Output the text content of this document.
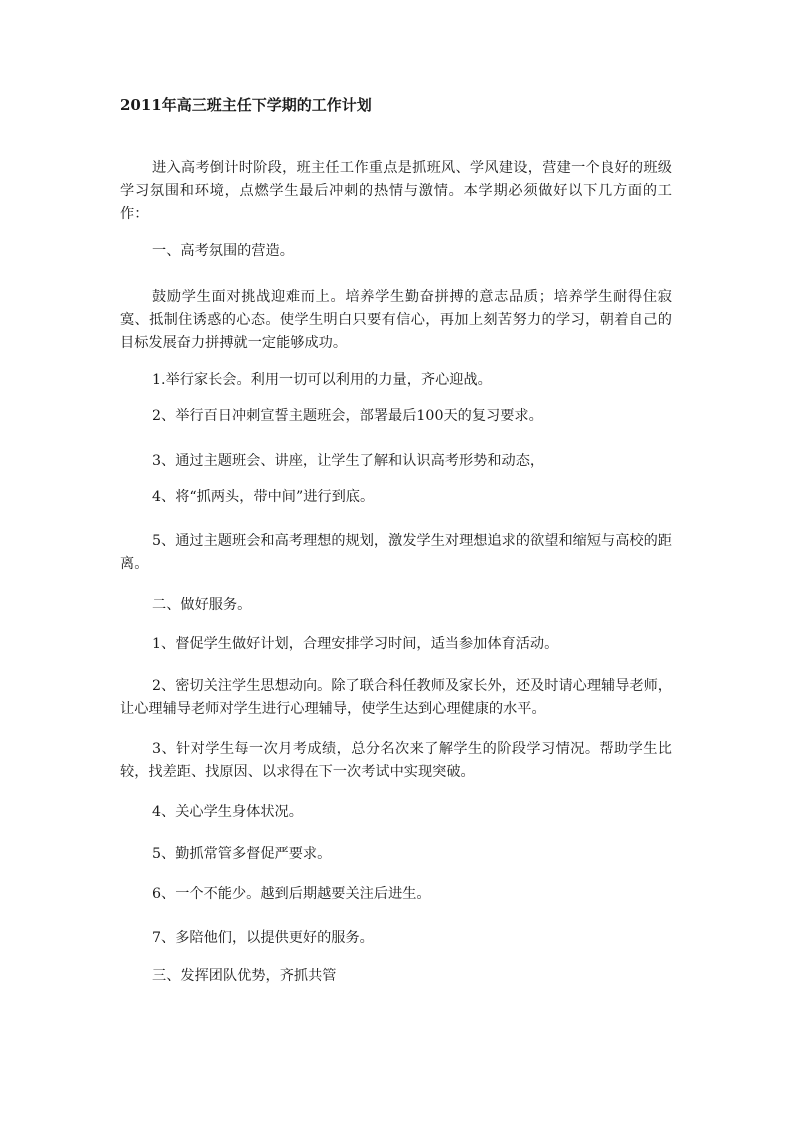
2011年高三班主任下学期的工作计划

进入高考倒计时阶段，班主任工作重点是抓班风、学风建设，营建一个良好的班级学习氛围和环境，点燃学生最后冲刺的热情与激情。本学期必须做好以下几方面的工作：

一、高考氛围的营造。

鼓励学生面对挑战迎难而上。培养学生勤奋拼搏的意志品质；培养学生耐得住寂寞、抵制住诱惑的心态。使学生明白只要有信心，再加上刻苦努力的学习，朝着自己的目标发展奋力拼搏就一定能够成功。

1.举行家长会。利用一切可以利用的力量，齐心迎战。

2、举行百日冲刺宣誓主题班会，部署最后100天的复习要求。

3、通过主题班会、讲座，让学生了解和认识高考形势和动态，

4、将“抓两头，带中间”进行到底。

5、通过主题班会和高考理想的规划，激发学生对理想追求的欲望和缩短与高校的距离。

二、做好服务。

1、督促学生做好计划，合理安排学习时间，适当参加体育活动。

2、密切关注学生思想动向。除了联合科任教师及家长外，还及时请心理辅导老师，让心理辅导老师对学生进行心理辅导，使学生达到心理健康的水平。

3、针对学生每一次月考成绩，总分名次来了解学生的阶段学习情况。帮助学生比较，找差距、找原因、以求得在下一次考试中实现突破。

4、关心学生身体状况。

5、勤抓常管多督促严要求。

6、一个不能少。越到后期越要关注后进生。

7、多陪他们，以提供更好的服务。

三、发挥团队优势，齐抓共管
